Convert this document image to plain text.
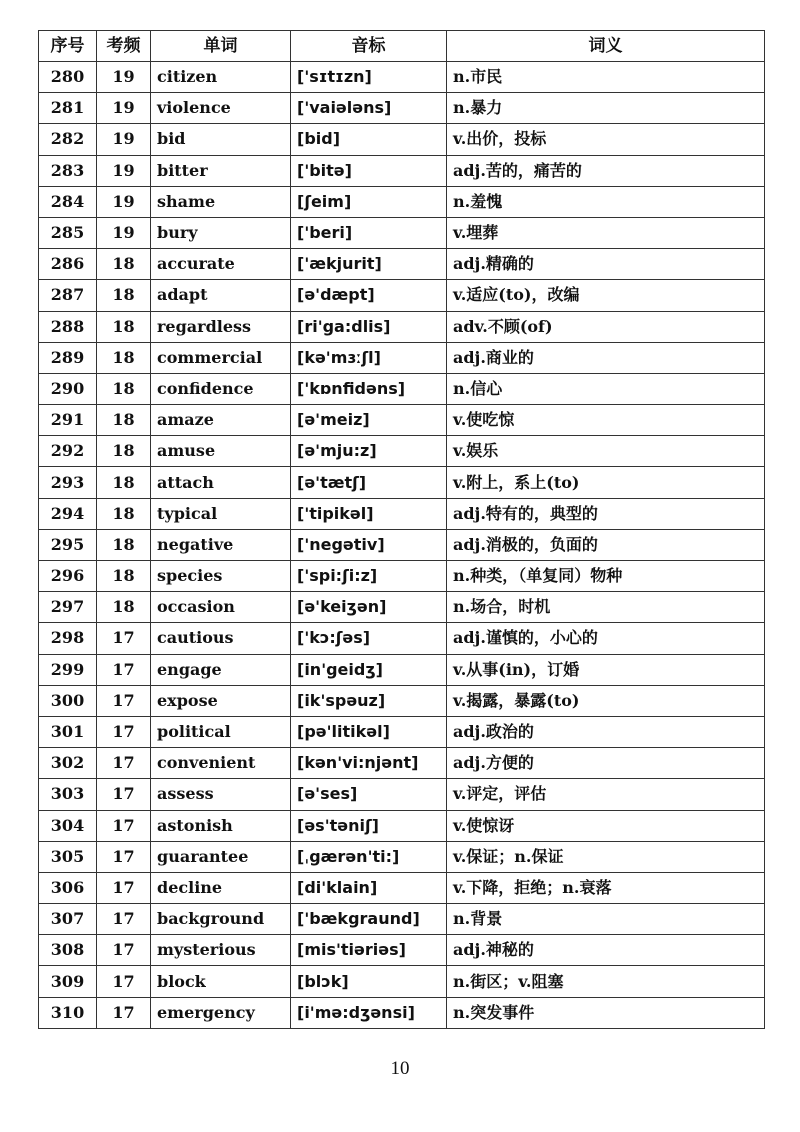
序号	考频	单词	音标	词义
280	19	citizen	['sɪtɪzn]	n.市民
281	19	violence	['vaiələns]	n.暴力
282	19	bid	[bid]	v.出价，投标
283	19	bitter	['bitə]	adj.苦的，痛苦的
284	19	shame	[ʃeim]	n.羞愧
285	19	bury	['beri]	v.埋葬
286	18	accurate	['ækjurit]	adj.精确的
287	18	adapt	[ə'dæpt]	v.适应(to)，改编
288	18	regardless	[ri'ga:dlis]	adv.不顾(of)
289	18	commercial	[kə'mɜːʃl]	adj.商业的
290	18	confidence	['kɒnfidəns]	n.信心
291	18	amaze	[ə'meiz]	v.使吃惊
292	18	amuse	[ə'mju:z]	v.娱乐
293	18	attach	[ə'tætʃ]	v.附上，系上(to)
294	18	typical	['tipikəl]	adj.特有的，典型的
295	18	negative	['negətiv]	adj.消极的，负面的
296	18	species	['spi:ʃi:z]	n.种类，（单复同）物种
297	18	occasion	[ə'keiʒən]	n.场合，时机
298	17	cautious	['kɔ:ʃəs]	adj.谨慎的，小心的
299	17	engage	[in'geidʒ]	v.从事(in)，订婚
300	17	expose	[ik'spəuz]	v.揭露，暴露(to)
301	17	political	[pə'litikəl]	adj.政治的
302	17	convenient	[kən'vi:njənt]	adj.方便的
303	17	assess	[ə'ses]	v.评定，评估
304	17	astonish	[əs'təniʃ]	v.使惊讶
305	17	guarantee	[ˌgærən'ti:]	v.保证；n.保证
306	17	decline	[di'klain]	v.下降，拒绝；n.衰落
307	17	background	['bækgraund]	n.背景
308	17	mysterious	[mis'tiəriəs]	adj.神秘的
309	17	block	[blɔk]	n.街区；v.阻塞
310	17	emergency	[i'mə:dʒənsi]	n.突发事件
10
